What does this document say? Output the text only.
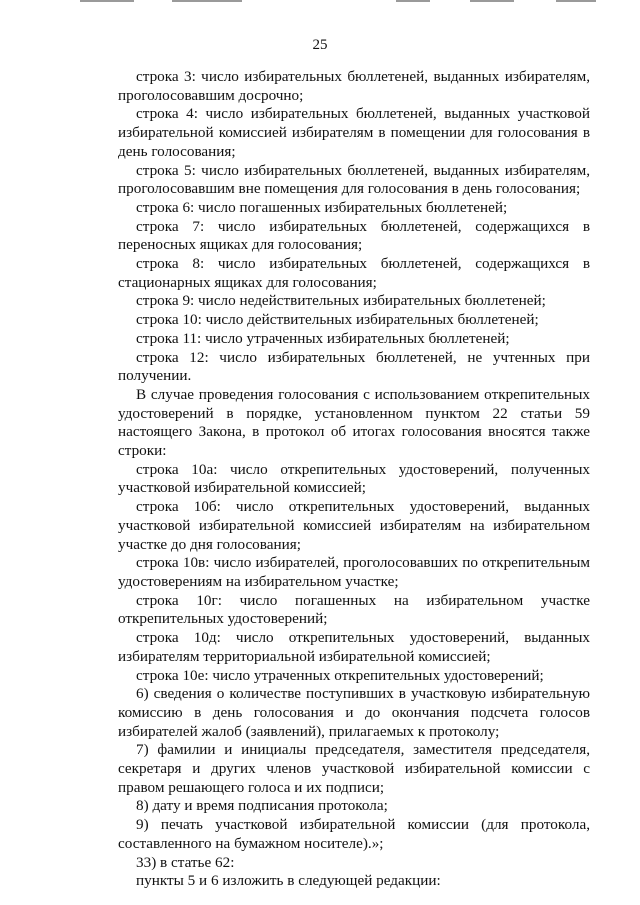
25

строка 3: число избирательных бюллетеней, выданных избирателям, проголосовавшим досрочно;

строка 4: число избирательных бюллетеней, выданных участковой избирательной комиссией избирателям в помещении для голосования в день голосования;

строка 5: число избирательных бюллетеней, выданных избирателям, проголосовавшим вне помещения для голосования в день голосования;

строка 6: число погашенных избирательных бюллетеней;

строка 7: число избирательных бюллетеней, содержащихся в переносных ящиках для голосования;

строка 8: число избирательных бюллетеней, содержащихся в стационарных ящиках для голосования;

строка 9: число недействительных избирательных бюллетеней;

строка 10: число действительных избирательных бюллетеней;

строка 11: число утраченных избирательных бюллетеней;

строка 12: число избирательных бюллетеней, не учтенных при получении.

В случае проведения голосования с использованием открепительных удостоверений в порядке, установленном пунктом 22 статьи 59 настоящего Закона, в протокол об итогах голосования вносятся также строки:

строка 10а: число открепительных удостоверений, полученных участковой избирательной комиссией;

строка 10б: число открепительных удостоверений, выданных участковой избирательной комиссией избирателям на избирательном участке до дня голосования;

строка 10в: число избирателей, проголосовавших по открепительным удостоверениям на избирательном участке;

строка 10г: число погашенных на избирательном участке открепительных удостоверений;

строка 10д: число открепительных удостоверений, выданных избирателям территориальной избирательной комиссией;

строка 10е: число утраченных открепительных удостоверений;

6) сведения о количестве поступивших в участковую избирательную комиссию в день голосования и до окончания подсчета голосов избирателей жалоб (заявлений), прилагаемых к протоколу;

7) фамилии и инициалы председателя, заместителя председателя, секретаря и других членов участковой избирательной комиссии с правом решающего голоса и их подписи;

8) дату и время подписания протокола;

9) печать участковой избирательной комиссии (для протокола, составленного на бумажном носителе).»;

33) в статье 62:

пункты 5 и 6 изложить в следующей редакции:
